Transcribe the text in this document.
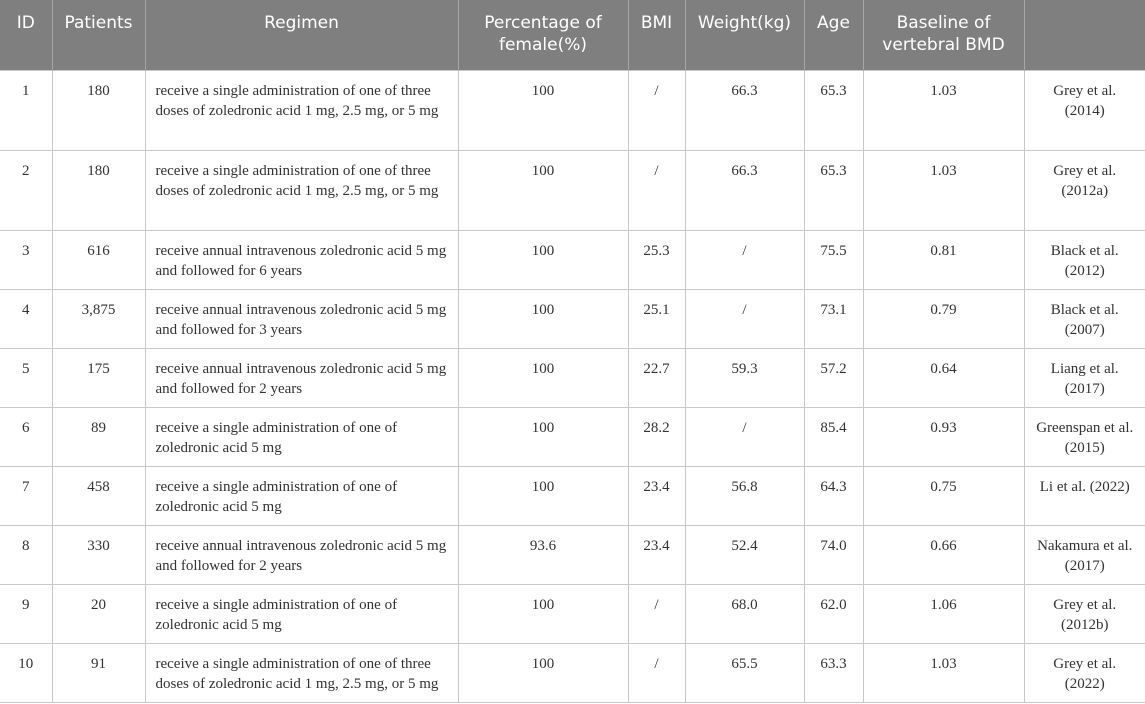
ID	Patients	Regimen	Percentage of female(%)	BMI	Weight(kg)	Age	Baseline of vertebral BMD	
1	180	receive a single administration of one of three doses of zoledronic acid 1 mg, 2.5 mg, or 5 mg	100	/	66.3	65.3	1.03	Grey et al. (2014)
2	180	receive a single administration of one of three doses of zoledronic acid 1 mg, 2.5 mg, or 5 mg	100	/	66.3	65.3	1.03	Grey et al. (2012a)
3	616	receive annual intravenous zoledronic acid 5 mg and followed for 6 years	100	25.3	/	75.5	0.81	Black et al. (2012)
4	3,875	receive annual intravenous zoledronic acid 5 mg and followed for 3 years	100	25.1	/	73.1	0.79	Black et al. (2007)
5	175	receive annual intravenous zoledronic acid 5 mg and followed for 2 years	100	22.7	59.3	57.2	0.64	Liang et al. (2017)
6	89	receive a single administration of one of zoledronic acid 5 mg	100	28.2	/	85.4	0.93	Greenspan et al. (2015)
7	458	receive a single administration of one of zoledronic acid 5 mg	100	23.4	56.8	64.3	0.75	Li et al. (2022)
8	330	receive annual intravenous zoledronic acid 5 mg and followed for 2 years	93.6	23.4	52.4	74.0	0.66	Nakamura et al. (2017)
9	20	receive a single administration of one of zoledronic acid 5 mg	100	/	68.0	62.0	1.06	Grey et al. (2012b)
10	91	receive a single administration of one of three doses of zoledronic acid 1 mg, 2.5 mg, or 5 mg	100	/	65.5	63.3	1.03	Grey et al. (2022)
